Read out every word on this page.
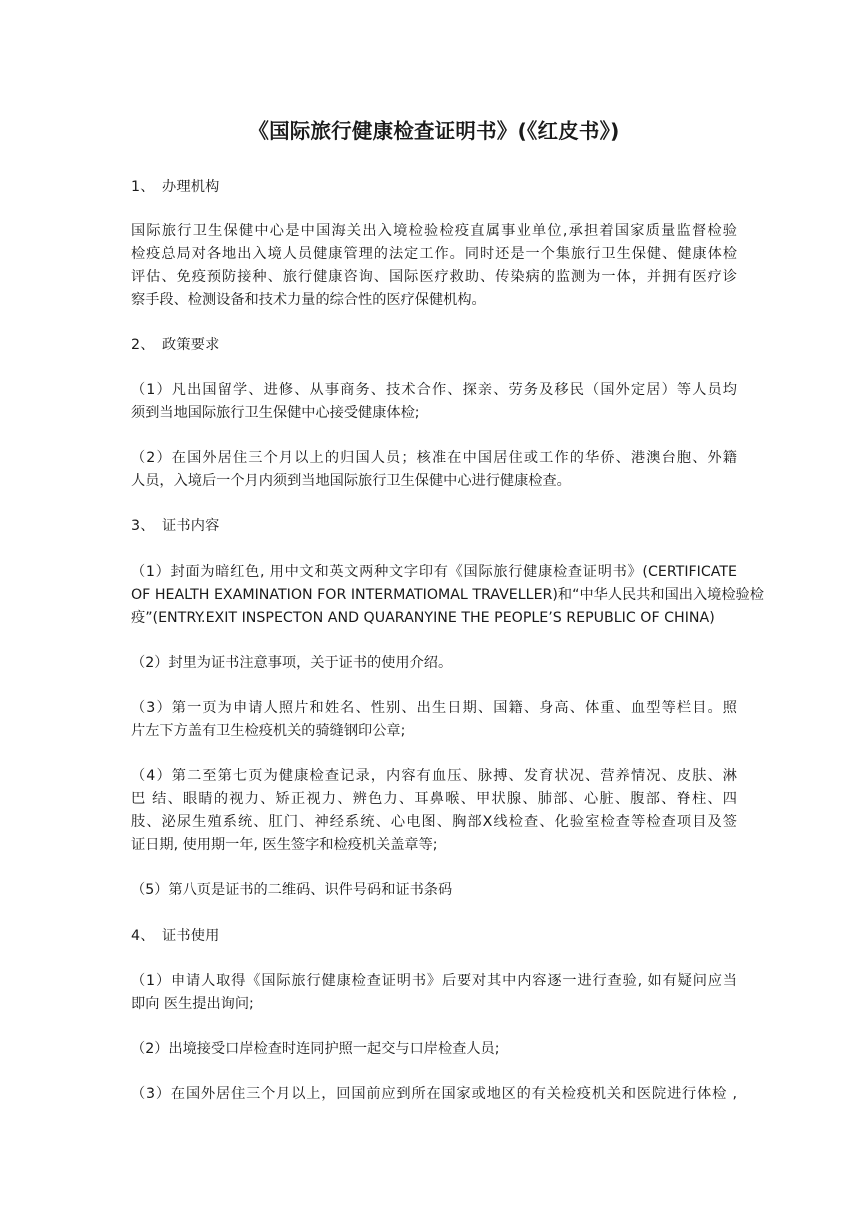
《国际旅行健康检查证明书》(《红皮书》)
1、 办理机构
国际旅行卫生保健中心是中国海关出入境检验检疫直属事业单位,承担着国家质量监督检验
检疫总局对各地出入境人员健康管理的法定工作。同时还是一个集旅行卫生保健、健康体检
评估、免疫预防接种、旅行健康咨询、国际医疗救助、传染病的监测为一体，并拥有医疗诊
察手段、检测设备和技术力量的综合性的医疗保健机构。
2、 政策要求
（1）凡出国留学、进修、从事商务、技术合作、探亲、劳务及移民（国外定居）等人员均
须到当地国际旅行卫生保健中心接受健康体检;
（2）在国外居住三个月以上的归国人员；核准在中国居住或工作的华侨、港澳台胞、外籍
人员，入境后一个月内须到当地国际旅行卫生保健中心进行健康检查。
3、 证书内容
（1）封面为暗红色, 用中文和英文两种文字印有《国际旅行健康检查证明书》(CERTIFICATE
OF HEALTH EXAMINATION FOR INTERMATIOMAL TRAVELLER)和“中华人民共和国出入境检验检
疫”(ENTRY.EXIT INSPECTON AND QUARANYINE THE PEOPLE’S REPUBLIC OF CHINA)
（2）封里为证书注意事项，关于证书的使用介绍。
（3）第一页为申请人照片和姓名、性别、出生日期、国籍、身高、体重、血型等栏目。照
片左下方盖有卫生检疫机关的骑缝钢印公章;
（4）第二至第七页为健康检查记录，内容有血压、脉搏、发育状况、营养情况、皮肤、淋
巴 结、眼睛的视力、矫正视力、辨色力、耳鼻喉、甲状腺、肺部、心脏、腹部、脊柱、四
肢、泌尿生殖系统、肛门、神经系统、心电图、胸部X线检查、化验室检查等检查项目及签
证日期, 使用期一年, 医生签字和检疫机关盖章等;
（5）第八页是证书的二维码、识件号码和证书条码
4、 证书使用
（1）申请人取得《国际旅行健康检查证明书》后要对其中内容逐一进行查验, 如有疑问应当
即向 医生提出询问;
（2）出境接受口岸检查时连同护照一起交与口岸检查人员;
（3）在国外居住三个月以上，回国前应到所在国家或地区的有关检疫机关和医院进行体检 ,
